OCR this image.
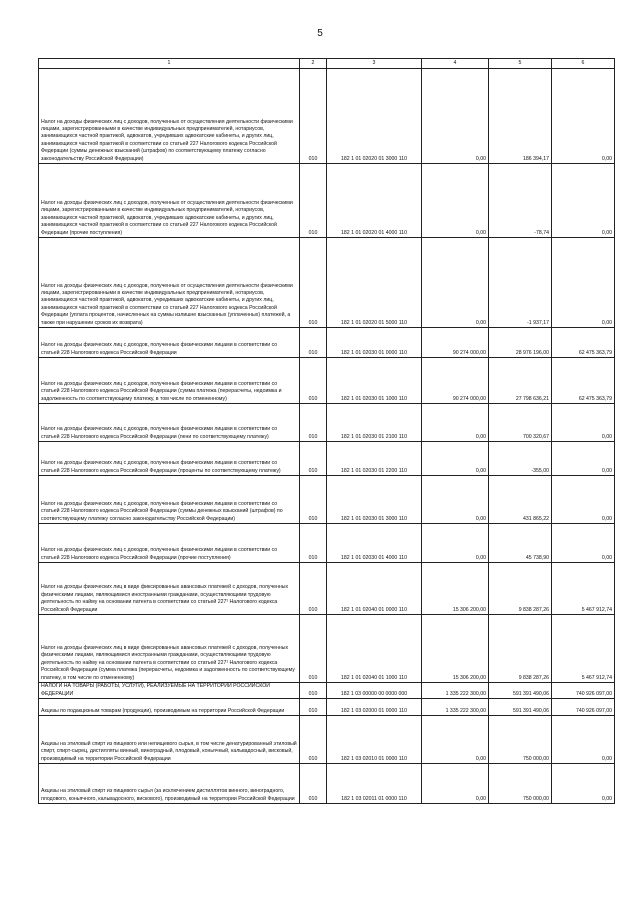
5
1	2	3	4	5	6
Налог на доходы физических лиц с доходов, полученных от осуществления деятельности физическими лицами, зарегистрированными в качестве индивидуальных предпринимателей, нотариусов, занимающихся частной практикой, адвокатов, учредивших адвокатские кабинеты, и других лиц, занимающихся частной практикой в соответствии со статьей 227 Налогового кодекса Российской Федерации (суммы денежных взысканий (штрафов) по соответствующему платежу согласно законодательству Российской Федерации)	010	182 1 01 02020 01 3000 110	0,00	186 394,17	0,00
Налог на доходы физических лиц с доходов, полученных от осуществления деятельности физическими лицами, зарегистрированными в качестве индивидуальных предпринимателей, нотариусов, занимающихся частной практикой, адвокатов, учредивших адвокатские кабинеты, и других лиц, занимающихся частной практикой в соответствии со статьей 227 Налогового кодекса Российской Федерации (прочие поступления)	010	182 1 01 02020 01 4000 110	0,00	-78,74	0,00
Налог на доходы физических лиц с доходов, полученных от осуществления деятельности физическими лицами, зарегистрированными в качестве индивидуальных предпринимателей, нотариусов, занимающихся частной практикой, адвокатов, учредивших адвокатские кабинеты, и других лиц, занимающихся частной практикой в соответствии со статьей 227 Налогового кодекса Российской Федерации (уплата процентов, начисленных на суммы излишне взысканных (уплаченных) платежей, а также при нарушении сроков их возврата)	010	182 1 01 02020 01 5000 110	0,00	-1 937,17	0,00
Налог на доходы физических лиц с доходов, полученных физическими лицами в соответствии со статьей 228 Налогового кодекса Российской Федерации	010	182 1 01 02030 01 0000 110	90 274 000,00	28 976 196,00	62 475 363,79
Налог на доходы физических лиц с доходов, полученных физическими лицами в соответствии со статьей 228 Налогового кодекса Российской Федерации (сумма платежа (перерасчеты, недоимка и задолженность по соответствующему платежу, в том числе по отмененному)	010	182 1 01 02030 01 1000 110	90 274 000,00	27 798 636,21	62 475 363,79
Налог на доходы физических лиц с доходов, полученных физическими лицами в соответствии со статьей 228 Налогового кодекса Российской Федерации (пени по соответствующему платежу)	010	182 1 01 02030 01 2100 110	0,00	700 320,67	0,00
Налог на доходы физических лиц с доходов, полученных физическими лицами в соответствии со статьей 228 Налогового кодекса Российской Федерации (проценты по соответствующему платежу)	010	182 1 01 02030 01 2200 110	0,00	-355,00	0,00
Налог на доходы физических лиц с доходов, полученных физическими лицами в соответствии со статьей 228 Налогового кодекса Российской Федерации (суммы денежных взысканий (штрафов) по соответствующему платежу согласно законодательству Российской Федерации)	010	182 1 01 02030 01 3000 110	0,00	431 865,22	0,00
Налог на доходы физических лиц с доходов, полученных физическими лицами в соответствии со статьей 228 Налогового кодекса Российской Федерации (прочие поступления)	010	182 1 01 02030 01 4000 110	0,00	45 738,90	0,00
Налог на доходы физических лиц в виде фиксированных авансовых платежей с доходов, полученных физическими лицами, являющимися иностранными гражданами, осуществляющими трудовую деятельность по найму на основании патента в соответствии со статьей 227¹ Налогового кодекса Российской Федерации	010	182 1 01 02040 01 0000 110	15 306 200,00	9 838 287,26	5 467 912,74
Налог на доходы физических лиц в виде фиксированных авансовых платежей с доходов, полученных физическими лицами, являющимися иностранными гражданами, осуществляющими трудовую деятельность по найму на основании патента в соответствии со статьей 227¹ Налогового кодекса Российской Федерации (сумма платежа (перерасчеты, недоимка и задолженность по соответствующему платежу, в том числе по отмененному)	010	182 1 01 02040 01 1000 110	15 306 200,00	9 838 287,26	5 467 912,74
НАЛОГИ НА ТОВАРЫ (РАБОТЫ, УСЛУГИ), РЕАЛИЗУЕМЫЕ НА ТЕРРИТОРИИ РОССИЙСКОЙ ФЕДЕРАЦИИ	010	182 1 03 00000 00 0000 000	1 335 222 300,00	591 391 490,06	740 926 097,00
Акцизы по подакцизным товарам (продукции), производимым на территории Российской Федерации	010	182 1 03 02000 01 0000 110	1 335 222 300,00	591 391 490,06	740 926 097,00
Акцизы на этиловый спирт из пищевого или непищевого сырья, в том числе денатурированный этиловый спирт, спирт-сырец, дистилляты винный, виноградный, плодовый, коньячный, кальвадосный, висковый, производимый на территории Российской Федерации	010	182 1 03 02010 01 0000 110	0,00	750 000,00	0,00
Акцизы на этиловый спирт из пищевого сырья (за исключением дистиллятов винного, виноградного, плодового, коньячного, кальвадосного, вискового), производимый на территории Российской Федерации	010	182 1 03 02011 01 0000 110	0,00	750 000,00	0,00
